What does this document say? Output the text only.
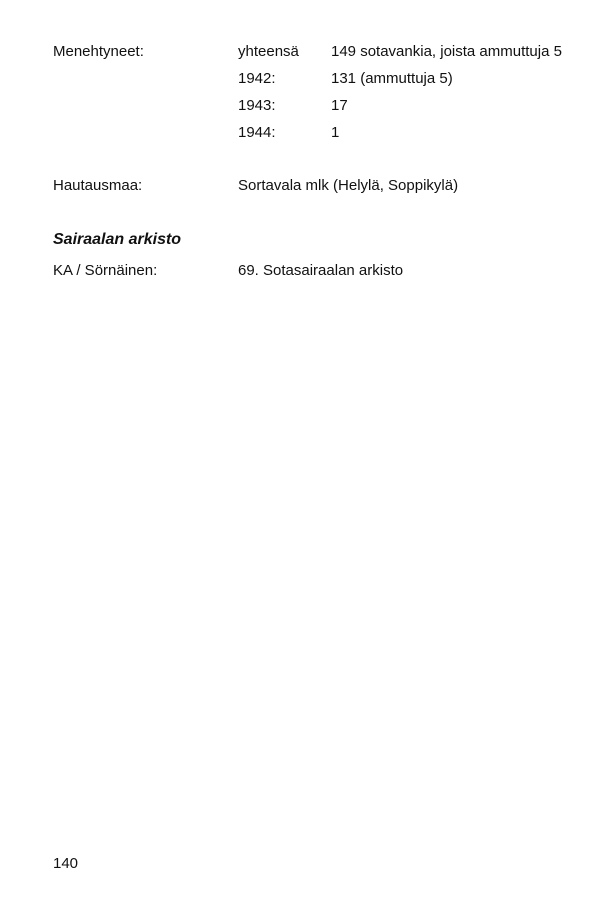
Menehtyneet:	yhteensä 149 sotavankia, joista ammuttuja 5
1942:	131 (ammuttuja 5)
1943:	17
1944:	1
Hautausmaa:	Sortavala mlk (Helylä, Soppikylä)
Sairaalan arkisto
KA / Sörnäinen:	69. Sotasairaalan arkisto
140
